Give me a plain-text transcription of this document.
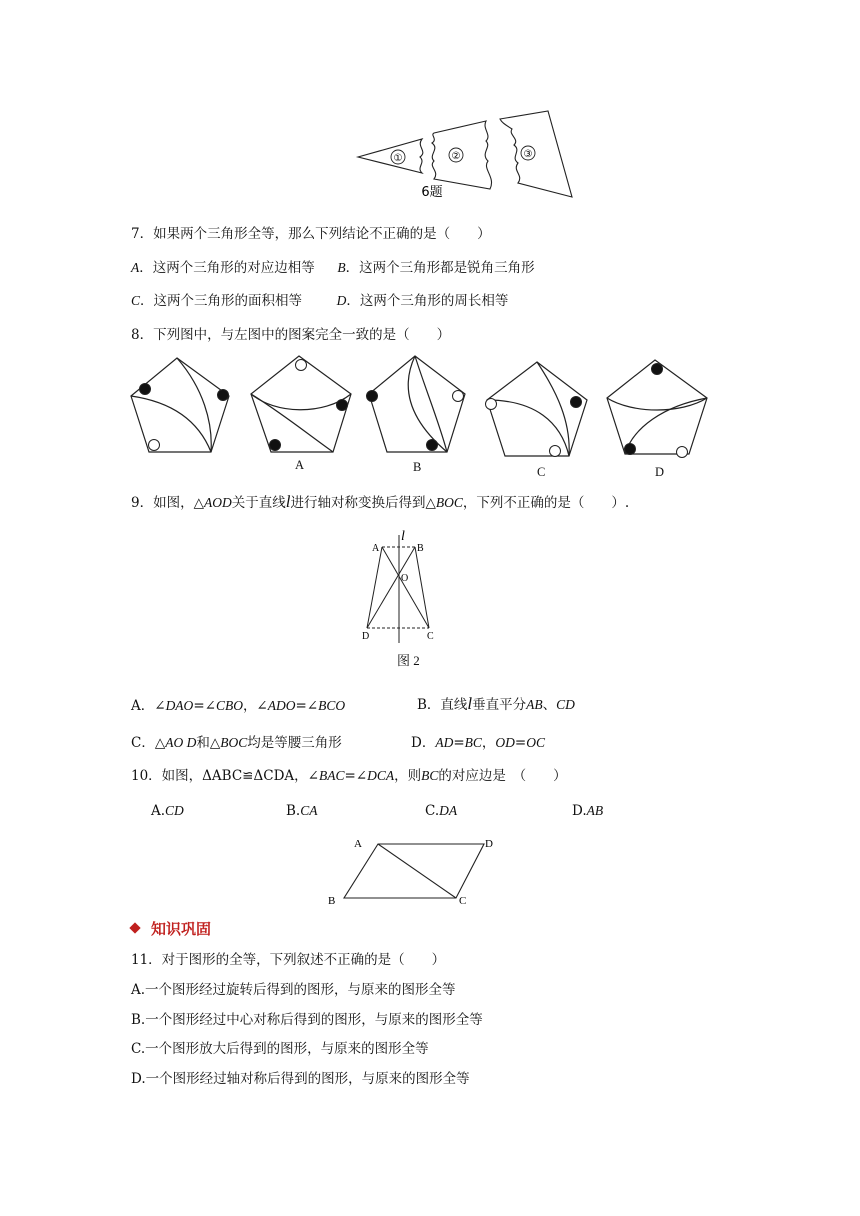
①	②	③
6题
7．如果两个三角形全等，那么下列结论不正确的是（　　）
A．这两个三角形的对应边相等 B．这两个三角形都是锐角三角形
C．这两个三角形的面积相等	D．这两个三角形的周长相等
8．下列图中，与左图中的图案完全一致的是（　　）
A	B	C	D
9．如图，△AOD关于直线l进行轴对称变换后得到△BOC，下列不正确的是（　　）.
A	B
O
D	C
l
图 2
A．∠DAO=∠CBO，∠ADO=∠BCO	B．直线l垂直平分AB、CD
C．△AO D和△BOC均是等腰三角形	D．AD=BC，OD=OC
10．如图，ΔABC≌ΔCDA，∠BAC=∠DCA，则BC的对应边是　（　　）
A.CD	B.CA	C.DA	D.AB
A	D
B	C
知识巩固
11．对于图形的全等，下列叙述不正确的是（　　）
A.一个图形经过旋转后得到的图形，与原来的图形全等
B.一个图形经过中心对称后得到的图形，与原来的图形全等
C.一个图形放大后得到的图形，与原来的图形全等
D.一个图形经过轴对称后得到的图形，与原来的图形全等
